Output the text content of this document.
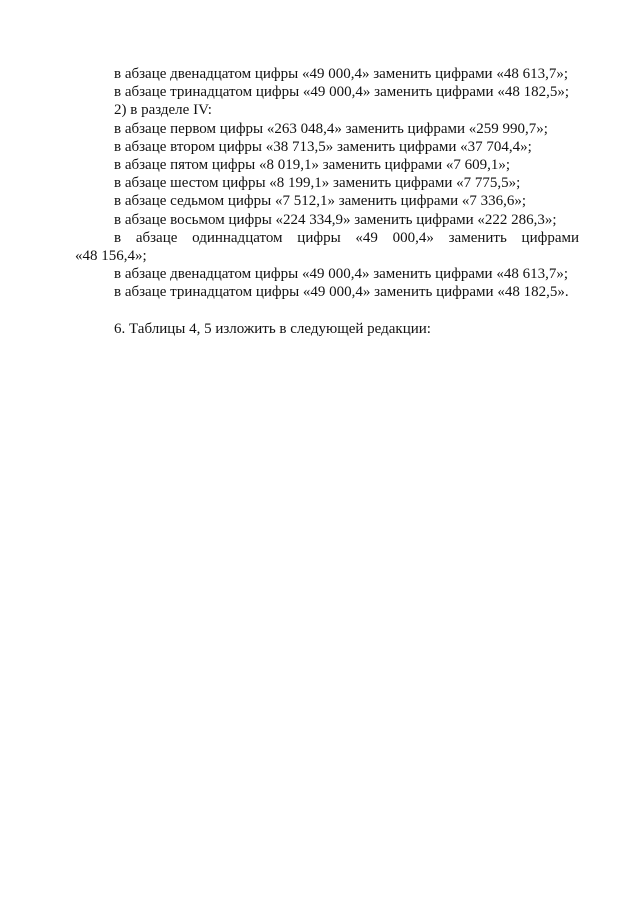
в абзаце двенадцатом цифры «49 000,4» заменить цифрами «48 613,7»;

в абзаце тринадцатом цифры «49 000,4» заменить цифрами «48 182,5»;

2) в разделе IV:

в абзаце первом цифры «263 048,4» заменить цифрами «259 990,7»;

в абзаце втором цифры «38 713,5» заменить цифрами «37 704,4»;

в абзаце пятом цифры «8 019,1» заменить цифрами «7 609,1»;

в абзаце шестом цифры «8 199,1» заменить цифрами «7 775,5»;

в абзаце седьмом цифры «7 512,1» заменить цифрами «7 336,6»;

в абзаце восьмом цифры «224 334,9» заменить цифрами «222 286,3»;

в абзаце одиннадцатом цифры «49 000,4» заменить цифрами

«48 156,4»;

в абзаце двенадцатом цифры «49 000,4» заменить цифрами «48 613,7»;

в абзаце тринадцатом цифры «49 000,4» заменить цифрами «48 182,5».

6. Таблицы 4, 5 изложить в следующей редакции:
